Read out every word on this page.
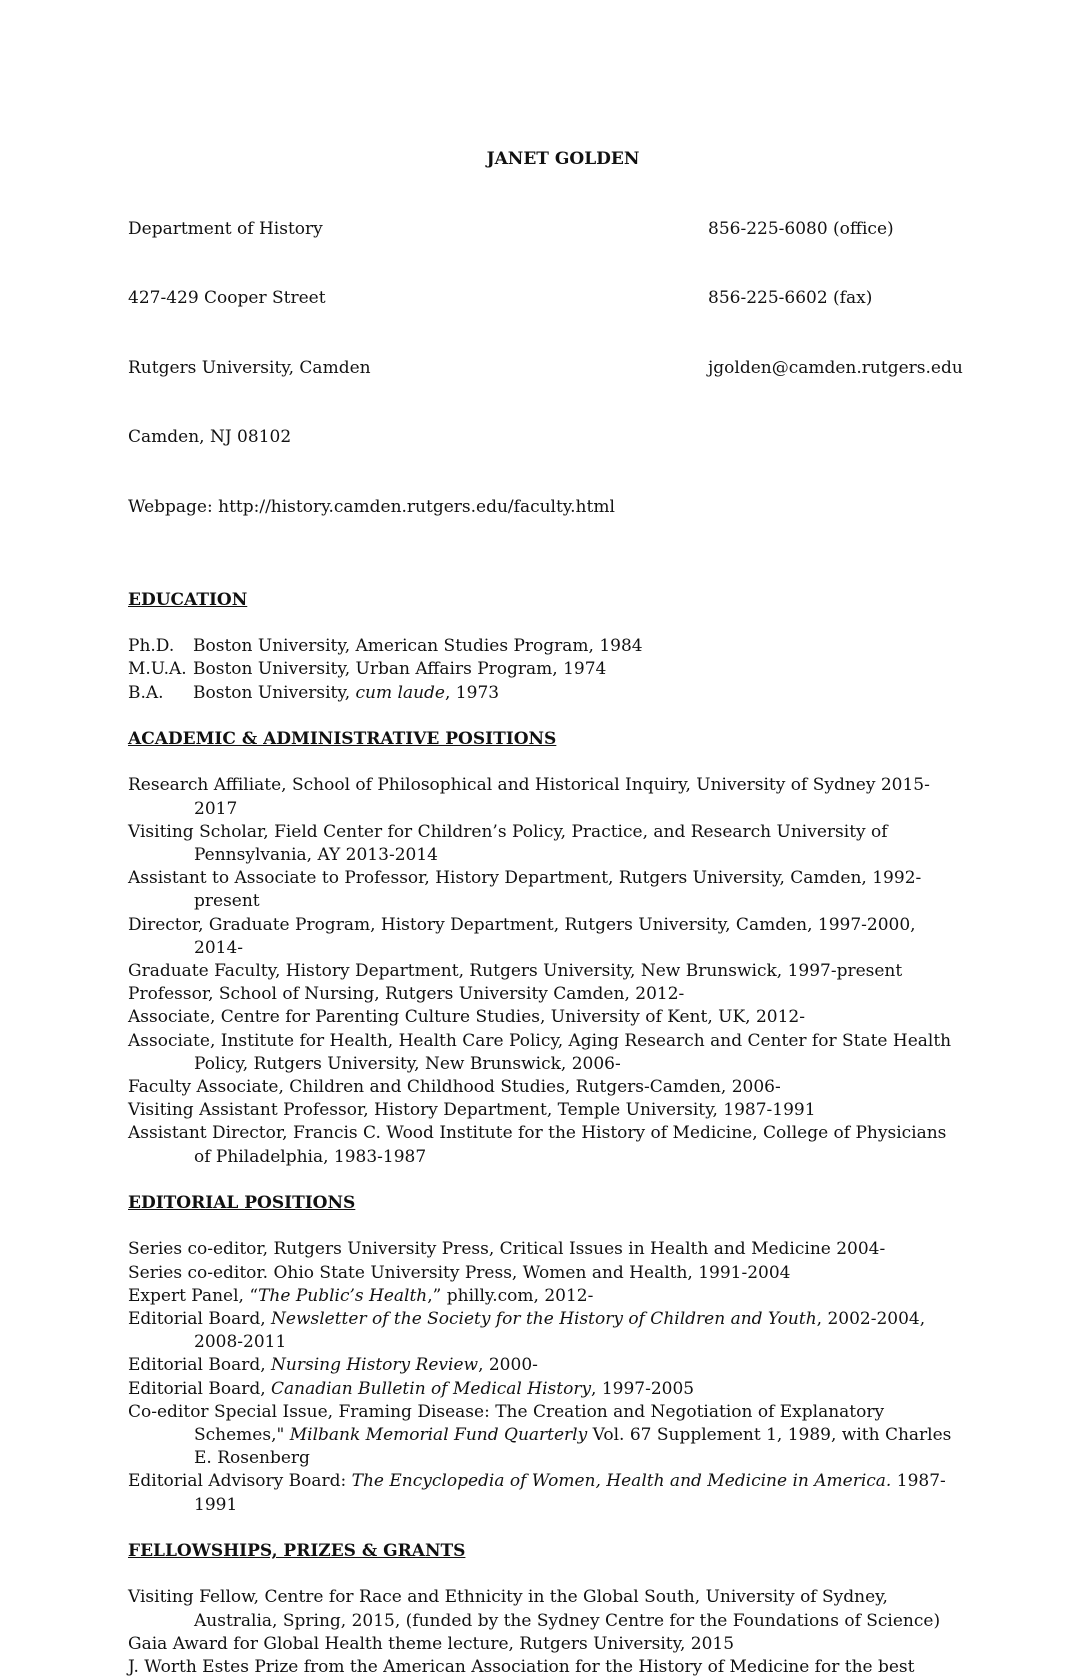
JANET GOLDEN

Department of History

427-429 Cooper Street

Rutgers University, Camden

Camden, NJ 08102

Webpage: http://history.camden.rutgers.edu/faculty.html

856-225-6080 (office)

856-225-6602 (fax)

jgolden@camden.rutgers.edu

EDUCATION
Ph.D.	Boston University, American Studies Program, 1984
M.U.A. Boston University, Urban Affairs Program, 1974
B.A.	Boston University, cum laude, 1973
ACADEMIC & ADMINISTRATIVE POSITIONS
Research Affiliate, School of Philosophical and Historical Inquiry, University of Sydney 2015-2017
Visiting Scholar, Field Center for Children’s Policy, Practice, and Research University of Pennsylvania, AY 2013-2014
Assistant to Associate to Professor, History Department, Rutgers University, Camden, 1992-present
Director, Graduate Program, History Department, Rutgers University, Camden, 1997-2000, 2014-
Graduate Faculty, History Department, Rutgers University, New Brunswick, 1997-present
Professor, School of Nursing, Rutgers University Camden, 2012-
Associate, Centre for Parenting Culture Studies, University of Kent, UK, 2012-
Associate, Institute for Health, Health Care Policy, Aging Research and Center for State Health Policy, Rutgers University, New Brunswick, 2006-
Faculty Associate, Children and Childhood Studies, Rutgers-Camden, 2006-
Visiting Assistant Professor, History Department, Temple University, 1987-1991
Assistant Director, Francis C. Wood Institute for the History of Medicine, College of Physicians of Philadelphia, 1983-1987
EDITORIAL POSITIONS
Series co-editor, Rutgers University Press, Critical Issues in Health and Medicine 2004-
Series co-editor. Ohio State University Press, Women and Health, 1991-2004
Expert Panel, “The Public’s Health,” philly.com, 2012-
Editorial Board, Newsletter of the Society for the History of Children and Youth, 2002-2004, 2008-2011
Editorial Board, Nursing History Review, 2000-
Editorial Board, Canadian Bulletin of Medical History, 1997-2005
Co-editor Special Issue, Framing Disease: The Creation and Negotiation of Explanatory Schemes," Milbank Memorial Fund Quarterly Vol. 67 Supplement 1, 1989, with Charles E. Rosenberg
Editorial Advisory Board: The Encyclopedia of Women, Health and Medicine in America. 1987-1991
FELLOWSHIPS, PRIZES & GRANTS
Visiting Fellow, Centre for Race and Ethnicity in the Global South, University of Sydney, Australia, Spring, 2015, (funded by the Sydney Centre for the Foundations of Science)
Gaia Award for Global Health theme lecture, Rutgers University, 2015
J. Worth Estes Prize from the American Association for the History of Medicine for the best
